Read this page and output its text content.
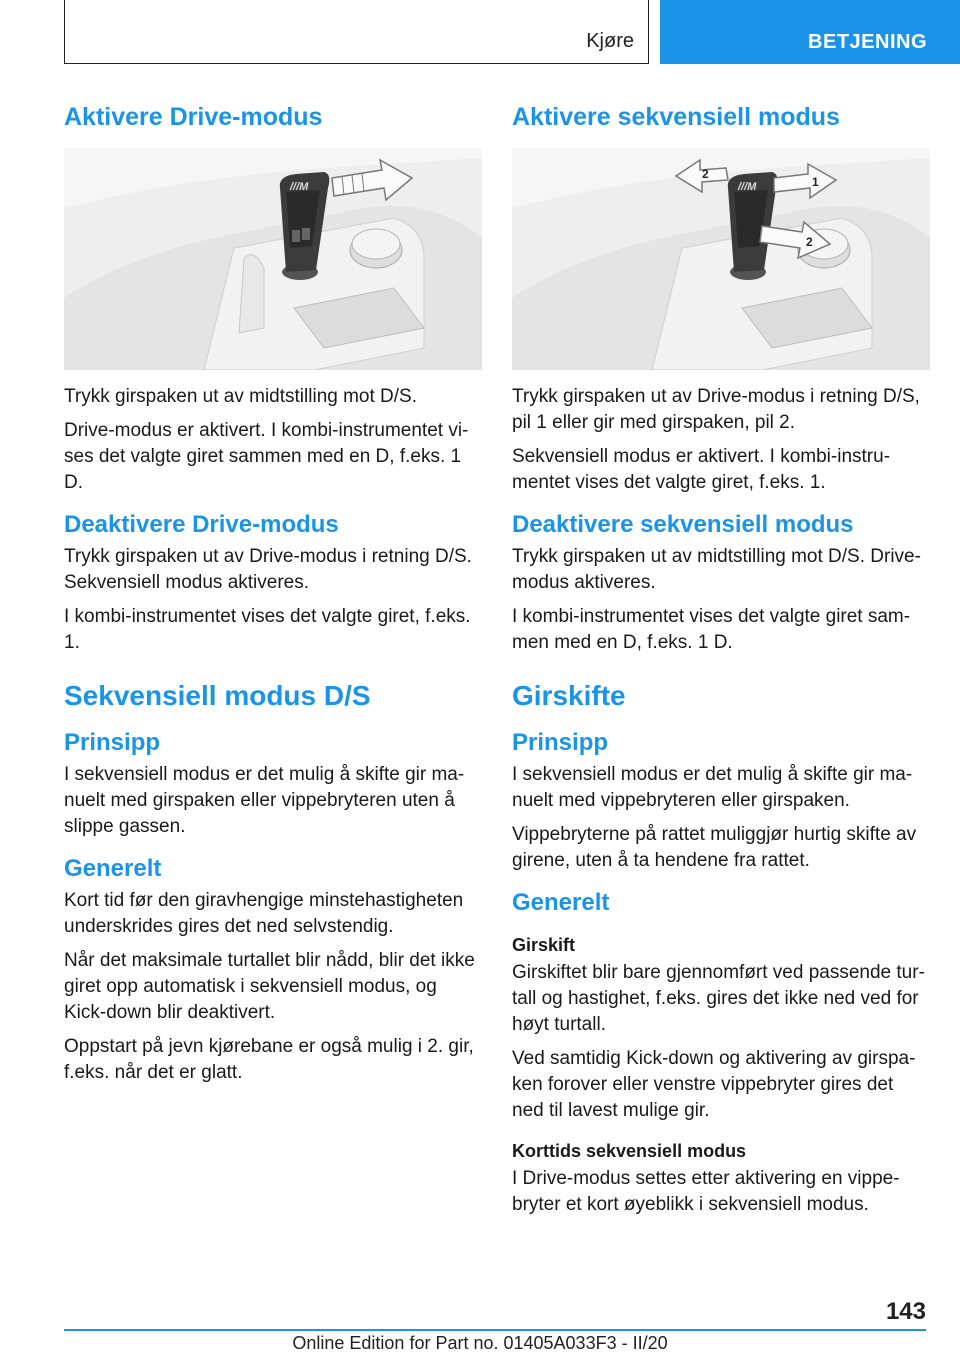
Kjøre	BETJENING
Aktivere Drive-modus
///M

Trykk girspaken ut av midtstilling mot D/S.

Drive-modus er aktivert. I kombi-instrumentet vi-ses det valgte giret sammen med en D, f.eks. 1 D.

Deaktivere Drive-modus

Trykk girspaken ut av Drive-modus i retning D/S. Sekvensiell modus aktiveres.

I kombi-instrumentet vises det valgte giret, f.eks. 1.

Sekvensiell modus D/S
Prinsipp

I sekvensiell modus er det mulig å skifte gir ma-nuelt med girspaken eller vippebryteren uten å slippe gassen.

Generelt

Kort tid før den giravhengige minstehastigheten underskrides gires det ned selvstendig.

Når det maksimale turtallet blir nådd, blir det ikke giret opp automatisk i sekvensiell modus, og Kick-down blir deaktivert.

Oppstart på jevn kjørebane er også mulig i 2. gir, f.eks. når det er glatt.

Aktivere sekvensiell modus
///M	1
2
2

Trykk girspaken ut av Drive-modus i retning D/S, pil 1 eller gir med girspaken, pil 2.

Sekvensiell modus er aktivert. I kombi-instru-mentet vises det valgte giret, f.eks. 1.

Deaktivere sekvensiell modus

Trykk girspaken ut av midtstilling mot D/S. Drive-modus aktiveres.

I kombi-instrumentet vises det valgte giret sam-men med en D, f.eks. 1 D.

Girskifte
Prinsipp

I sekvensiell modus er det mulig å skifte gir ma-nuelt med vippebryteren eller girspaken.

Vippebryterne på rattet muliggjør hurtig skifte av girene, uten å ta hendene fra rattet.

Generelt
Girskift

Girskiftet blir bare gjennomført ved passende tur-tall og hastighet, f.eks. gires det ikke ned ved for høyt turtall.

Ved samtidig Kick-down og aktivering av girspa-ken forover eller venstre vippebryter gires det ned til lavest mulige gir.

Korttids sekvensiell modus

I Drive-modus settes etter aktivering en vippe-bryter et kort øyeblikk i sekvensiell modus.

143
Online Edition for Part no. 01405A033F3 - II/20
